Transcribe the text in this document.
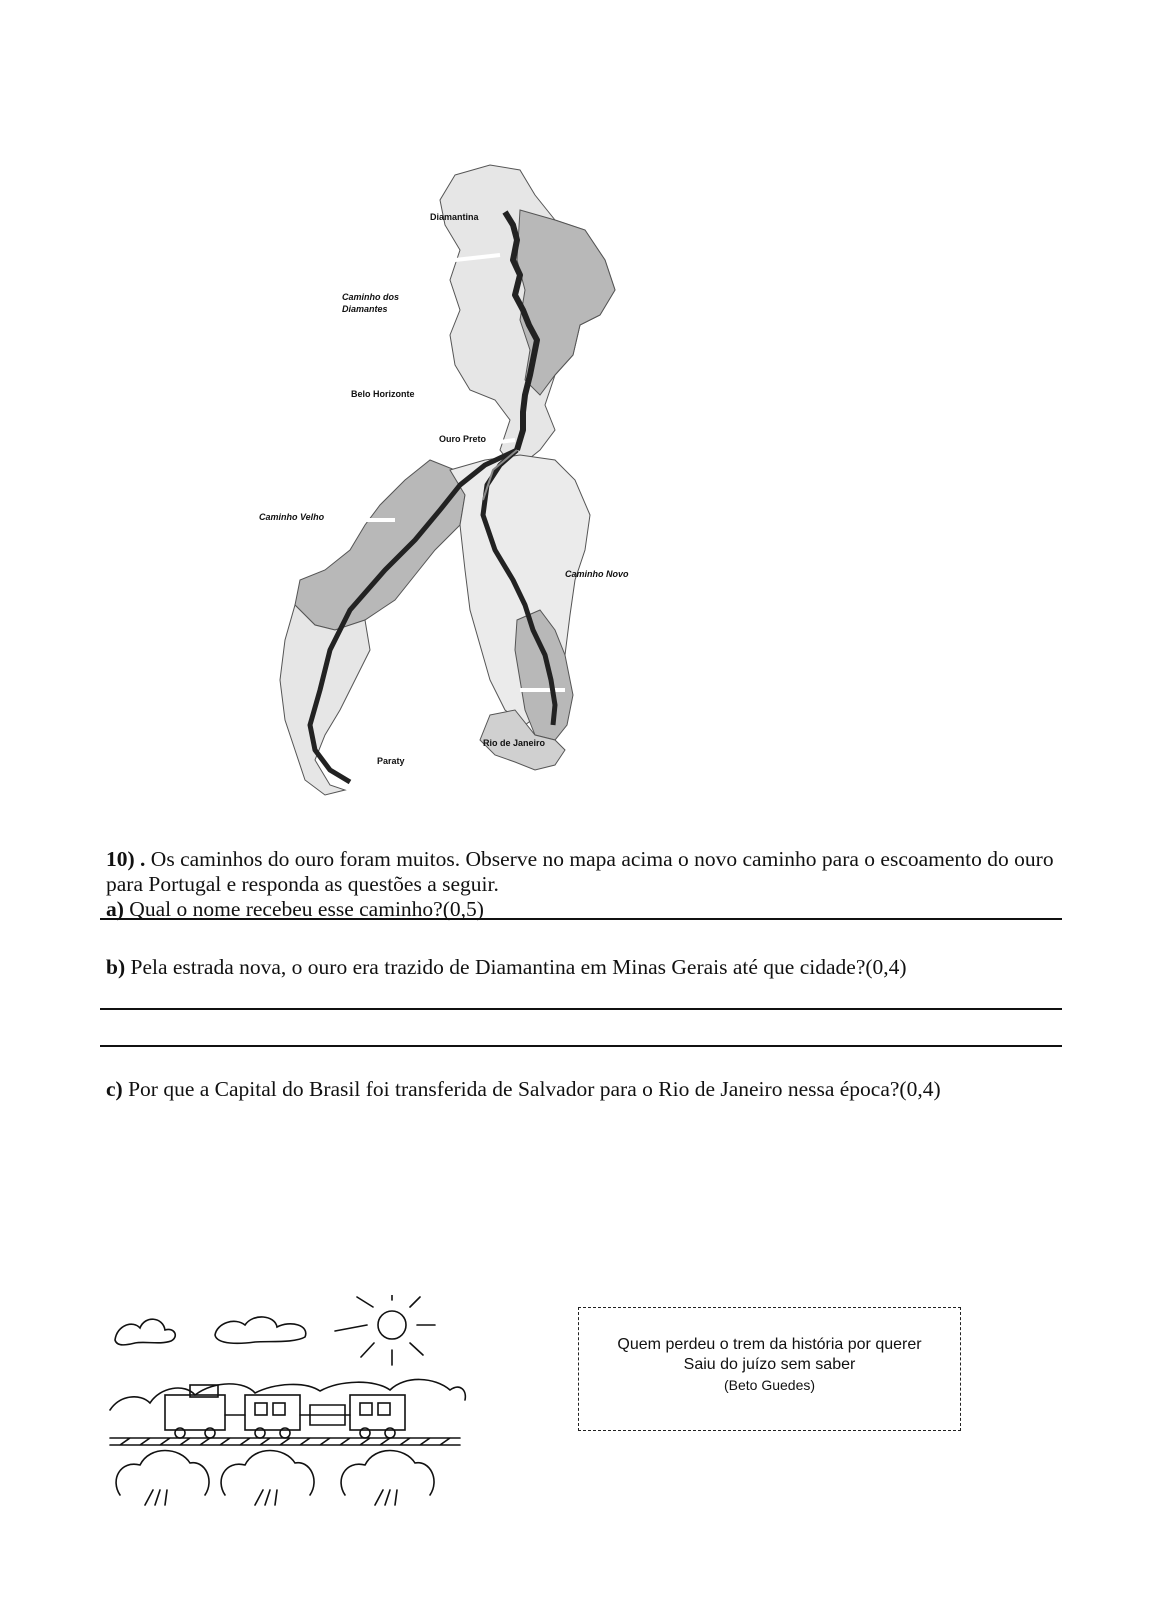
Diamantina
Caminho dos
Diamantes
Belo Horizonte
Ouro Preto
Caminho Velho
Caminho Novo
Rio de Janeiro
Paraty
10) . Os caminhos do ouro foram muitos. Observe no mapa acima o novo caminho para o escoamento do ouro para Portugal e responda as questões a seguir.
a) Qual o nome recebeu esse caminho?(0,5)
b) Pela estrada nova, o ouro era trazido de Diamantina em Minas Gerais até que cidade?(0,4)
c) Por que a Capital do Brasil foi transferida de Salvador para o Rio de Janeiro nessa época?(0,4)
Quem perdeu o trem da história por querer
Saiu do juízo sem saber
(Beto Guedes)
